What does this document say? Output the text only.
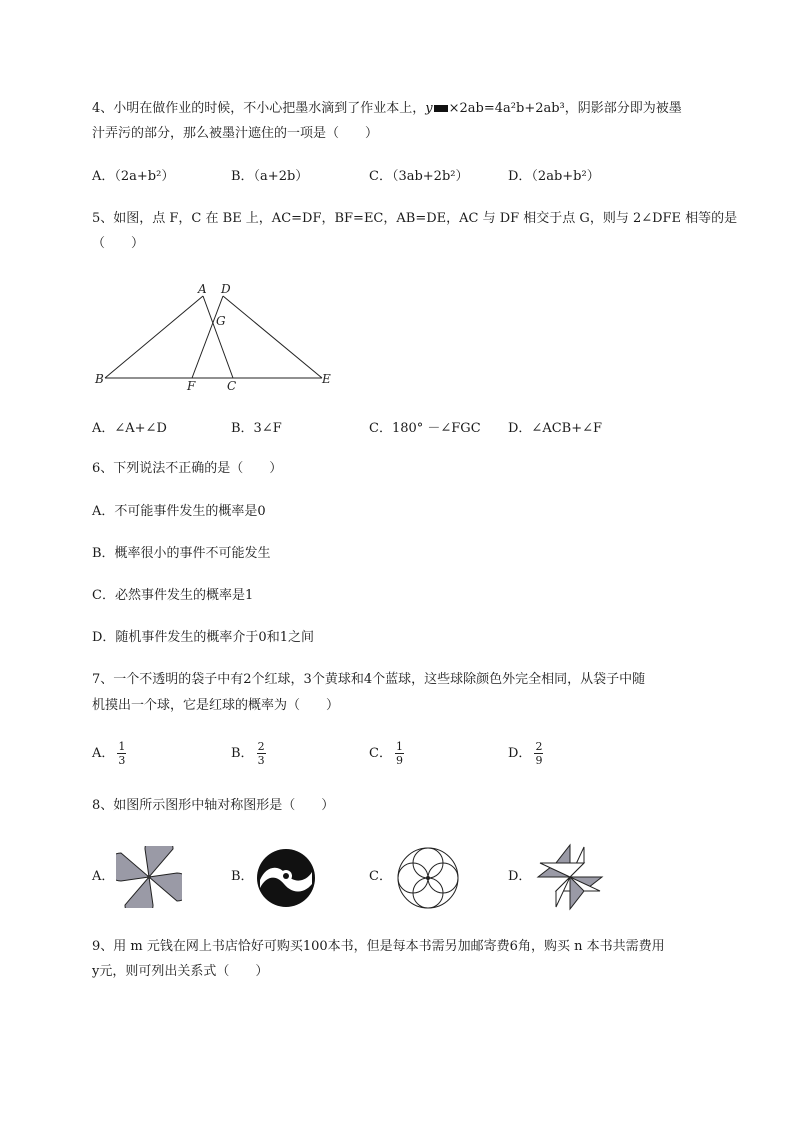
4、小明在做作业的时候，不小心把墨水滴到了作业本上，y ×2ab=4a²b+2ab³，阴影部分即为被墨
汁弄污的部分，那么被墨汁遮住的一项是（　　）
A．（2a+b²）	B．（a+2b）	C．（3ab+2b²）	D．（2ab+b²）
5、如图，点 F，C 在 BE 上，AC=DF，BF=EC，AB=DE，AC 与 DF 相交于点 G，则与 2∠DFE 相等的是
（　　）
A D
G
B	F	C	E
A．∠A+∠D	B．3∠F	C．180° －∠FGC D．∠ACB+∠F
6、下列说法不正确的是（　　）
A．不可能事件发生的概率是0
B．概率很小的事件不可能发生
C．必然事件发生的概率是1
D．随机事件发生的概率介于0和1之间
7、一个不透明的袋子中有2个红球，3个黄球和4个蓝球，这些球除颜色外完全相同，从袋子中随
机摸出一个球，它是红球的概率为（　　）
A． $\frac{1}{3}$	B． $\frac{2}{3}$	C． $\frac{1}{9}$	D． $\frac{2}{9}$
8、如图所示图形中轴对称图形是（　　）
A．	B．	C．	D．
9、用 m 元钱在网上书店恰好可购买100本书，但是每本书需另加邮寄费6角，购买 n 本书共需费用
y元，则可列出关系式（　　）
